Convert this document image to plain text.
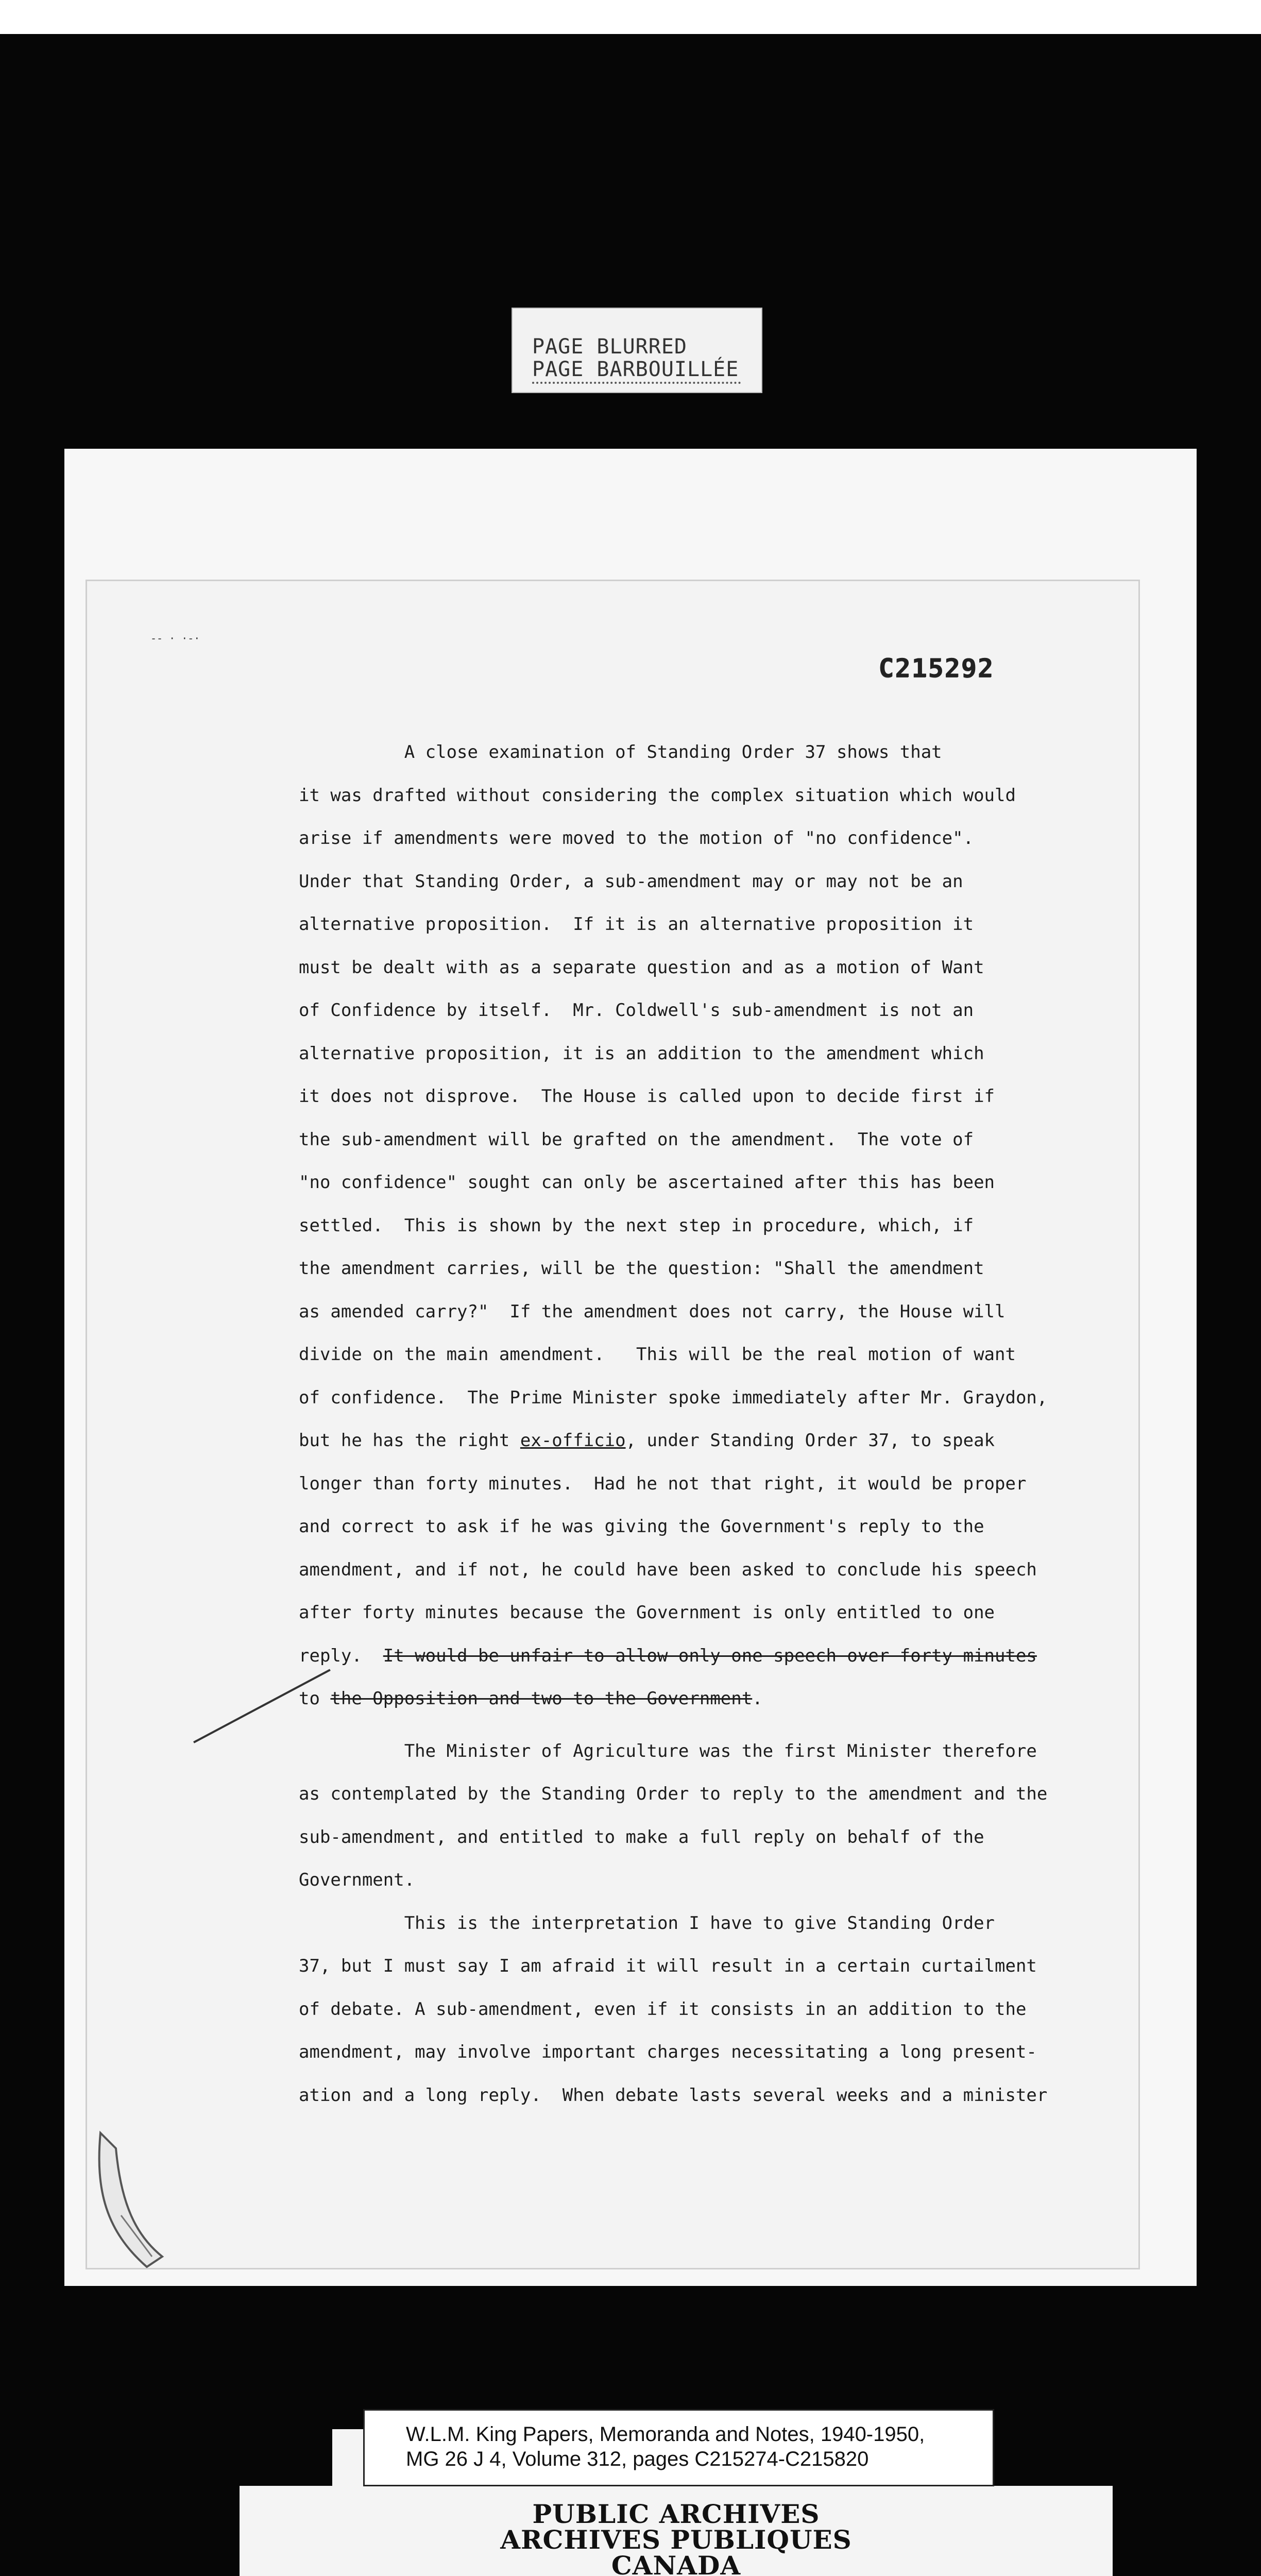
PAGE BLURRED
PAGE BARBOUILLÉE
-- · ·-·
C215292
A close examination of Standing Order 37 shows that
it was drafted without considering the complex situation which would
arise if amendments were moved to the motion of "no confidence".
Under that Standing Order, a sub-amendment may or may not be an
alternative proposition.  If it is an alternative proposition it
must be dealt with as a separate question and as a motion of Want
of Confidence by itself.  Mr. Coldwell's sub-amendment is not an
alternative proposition, it is an addition to the amendment which
it does not disprove.  The House is called upon to decide first if
the sub-amendment will be grafted on the amendment.  The vote of
"no confidence" sought can only be ascertained after this has been
settled.  This is shown by the next step in procedure, which, if
the amendment carries, will be the question: "Shall the amendment
as amended carry?"  If the amendment does not carry, the House will
divide on the main amendment.   This will be the real motion of want
of confidence.  The Prime Minister spoke immediately after Mr. Graydon,
but he has the right ex-officio, under Standing Order 37, to speak
longer than forty minutes.  Had he not that right, it would be proper
and correct to ask if he was giving the Government's reply to the
amendment, and if not, he could have been asked to conclude his speech
after forty minutes because the Government is only entitled to one
reply.  It would be unfair to allow only one speech over forty minutes
to the Opposition and two to the Government.
The Minister of Agriculture was the first Minister therefore
as contemplated by the Standing Order to reply to the amendment and the
sub-amendment, and entitled to make a full reply on behalf of the
Government.
This is the interpretation I have to give Standing Order
37, but I must say I am afraid it will result in a certain curtailment
of debate. A sub-amendment, even if it consists in an addition to the
amendment, may involve important charges necessitating a long present-
ation and a long reply.  When debate lasts several weeks and a minister
W.L.M. King Papers, Memoranda and Notes, 1940-1950,
MG 26 J 4, Volume 312, pages C215274-C215820
PUBLIC ARCHIVES
ARCHIVES PUBLIQUES
CANADA
